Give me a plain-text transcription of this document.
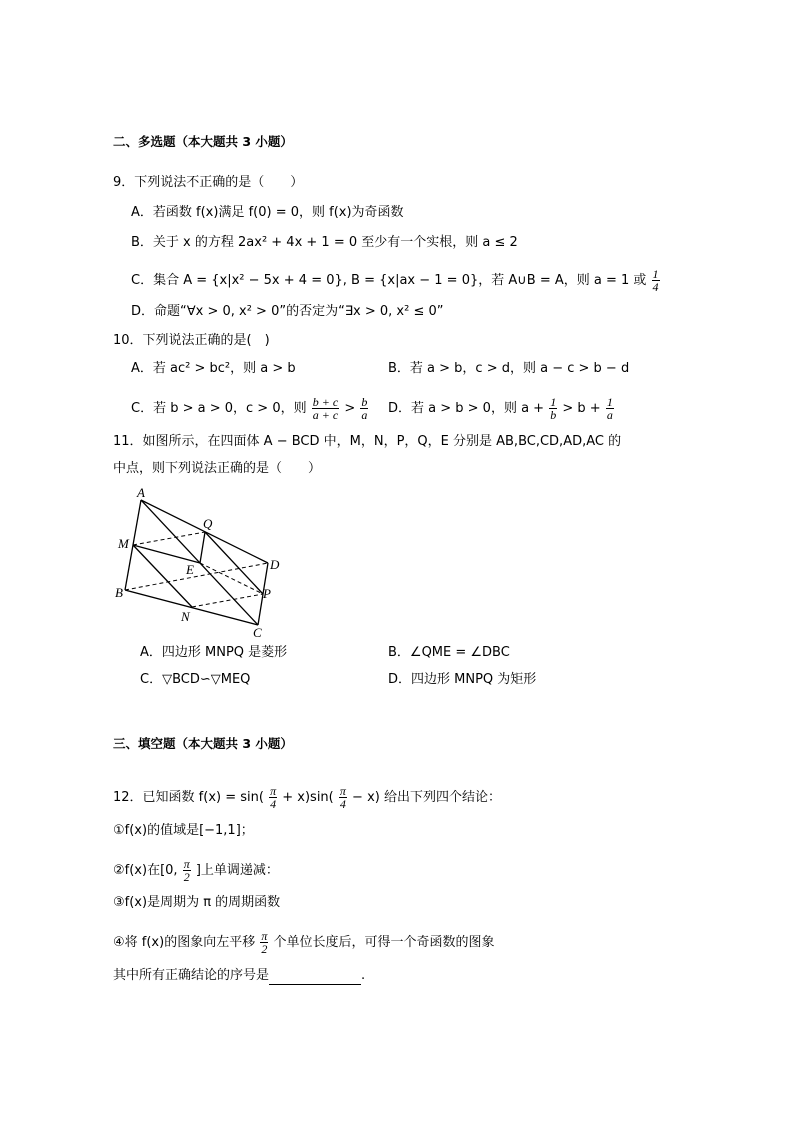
二、多选题（本大题共 3 小题）
9．下列说法不正确的是（　　）
A．若函数 f(x)满足 f(0) = 0，则 f(x)为奇函数
B．关于 x 的方程 2ax² + 4x + 1 = 0 至少有一个实根，则 a ≤ 2
C．集合 A = {x|x² − 5x + 4 = 0}, B = {x|ax − 1 = 0}，若 A∪B = A，则 a = 1 或 $\frac{1}{4}$
D．命题“∀x > 0, x² > 0”的否定为“∃x > 0, x² ≤ 0”
10．下列说法正确的是(　)
A．若 ac² > bc²，则 a > b	B．若 a > b，c > d，则 a − c > b − d
C．若 b > a > 0，c > 0，则 $\frac{b + c}{a + c} > \frac{b}{a}$ D．若 a > b > 0，则 $a + \frac{1}{b} > b + \frac{1}{a}$
11．如图所示，在四面体 A − BCD 中，M，N，P，Q，E 分别是 AB,BC,CD,AD,AC 的
中点，则下列说法正确的是（　　）
A
B
C
D
M
N
P
Q
E
A．四边形 MNPQ 是菱形	B．∠QME = ∠DBC
C．▽BCD∽▽MEQ	D．四边形 MNPQ 为矩形
三、填空题（本大题共 3 小题）
12．已知函数 $f(x) = \sin( \frac{\pi}{4} + x)\sin( \frac{\pi}{4} - x)$ 给出下列四个结论：
①f(x)的值域是[−1,1]；
②f(x)在[0, $\frac{\pi}{2}$ ]上单调递减：
③f(x)是周期为 π 的周期函数
④将 f(x)的图象向左平移 $\frac{\pi}{2}$ 个单位长度后，可得一个奇函数的图象
其中所有正确结论的序号是	.
